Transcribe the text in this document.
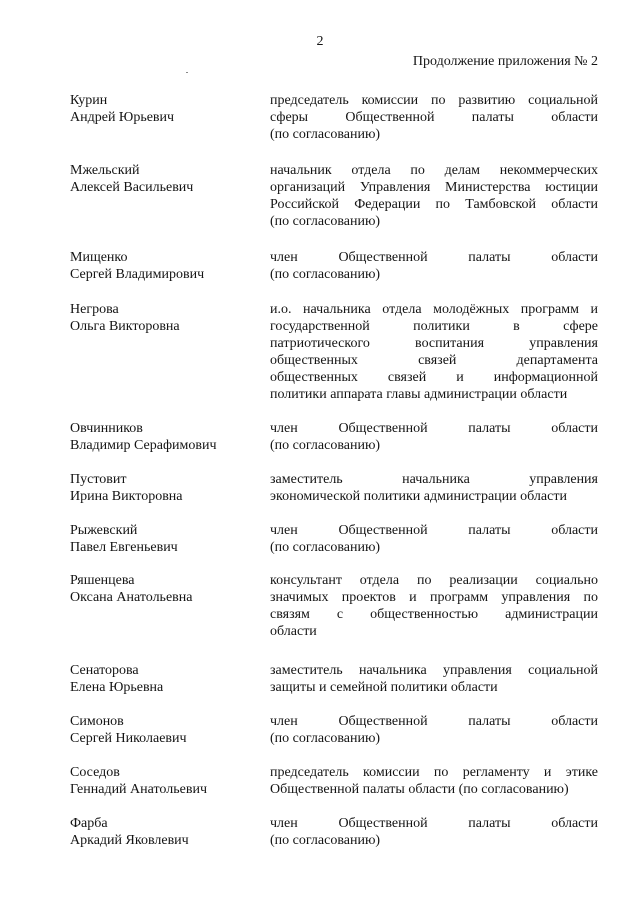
2
Продолжение приложения № 2
Курин
Андрей Юрьевич
председатель комиссии по развитию социальной
сферы Общественной палаты области
(по согласованию)
Мжельский
Алексей Васильевич
начальник отдела по делам некоммерческих
организаций Управления Министерства юстиции
Российской Федерации по Тамбовской области
(по согласованию)
Мищенко
Сергей Владимирович
член Общественной палаты области
(по согласованию)
Негрова
Ольга Викторовна
и.о. начальника отдела молодёжных программ и
государственной политики в сфере
патриотического воспитания управления
общественных связей департамента
общественных связей и информационной
политики аппарата главы администрации области
Овчинников
Владимир Серафимович
член Общественной палаты области
(по согласованию)
Пустовит
Ирина Викторовна
заместитель начальника управления
экономической политики администрации области
Рыжевский
Павел Евгеньевич
член Общественной палаты области
(по согласованию)
Ряшенцева
Оксана Анатольевна
консультант отдела по реализации социально
значимых проектов и программ управления по
связям с общественностью администрации
области
Сенаторова
Елена Юрьевна
заместитель начальника управления социальной
защиты и семейной политики области
Симонов
Сергей Николаевич
член Общественной палаты области
(по согласованию)
Соседов
Геннадий Анатольевич
председатель комиссии по регламенту и этике
Общественной палаты области (по согласованию)
Фарба
Аркадий Яковлевич
член Общественной палаты области
(по согласованию)
